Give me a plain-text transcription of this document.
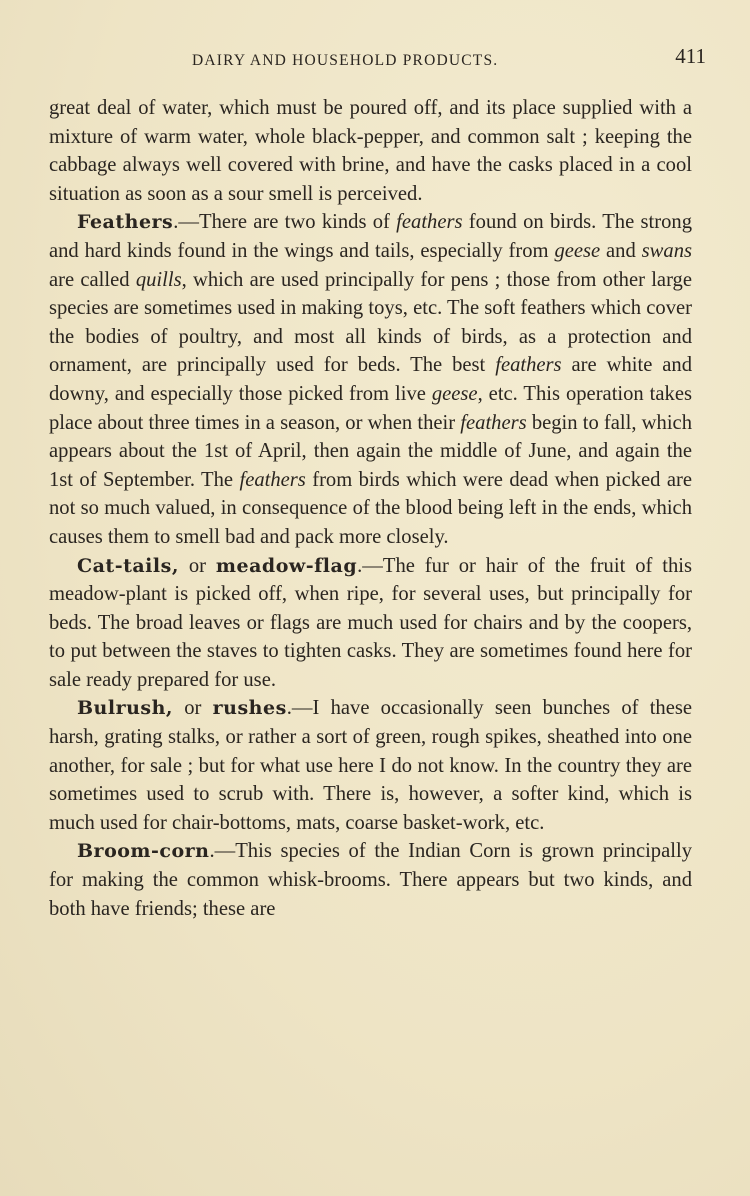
DAIRY AND HOUSEHOLD PRODUCTS.	411

great deal of water, which must be poured off, and its place supplied with a mixture of warm water, whole black-pepper, and common salt ; keeping the cabbage always well covered with brine, and have the casks placed in a cool situation as soon as a sour smell is perceived.

Feathers.—There are two kinds of feathers found on birds. The strong and hard kinds found in the wings and tails, especially from geese and swans are called quills, which are used principally for pens ; those from other large species are sometimes used in making toys, etc. The soft feathers which cover the bodies of poultry, and most all kinds of birds, as a protection and ornament, are principally used for beds. The best feathers are white and downy, and especially those picked from live geese, etc. This operation takes place about three times in a season, or when their feathers begin to fall, which appears about the 1st of April, then again the middle of June, and again the 1st of September. The feathers from birds which were dead when picked are not so much valued, in consequence of the blood being left in the ends, which causes them to smell bad and pack more closely.

Cat-tails, or meadow-flag.—The fur or hair of the fruit of this meadow-plant is picked off, when ripe, for several uses, but principally for beds. The broad leaves or flags are much used for chairs and by the coopers, to put between the staves to tighten casks. They are sometimes found here for sale ready prepared for use.

Bulrush, or rushes.—I have occasionally seen bunches of these harsh, grating stalks, or rather a sort of green, rough spikes, sheathed into one another, for sale ; but for what use here I do not know. In the country they are sometimes used to scrub with. There is, however, a softer kind, which is much used for chair-bottoms, mats, coarse basket-work, etc.

Broom-corn.—This species of the Indian Corn is grown principally for making the common whisk-brooms. There appears but two kinds, and both have friends; these are
